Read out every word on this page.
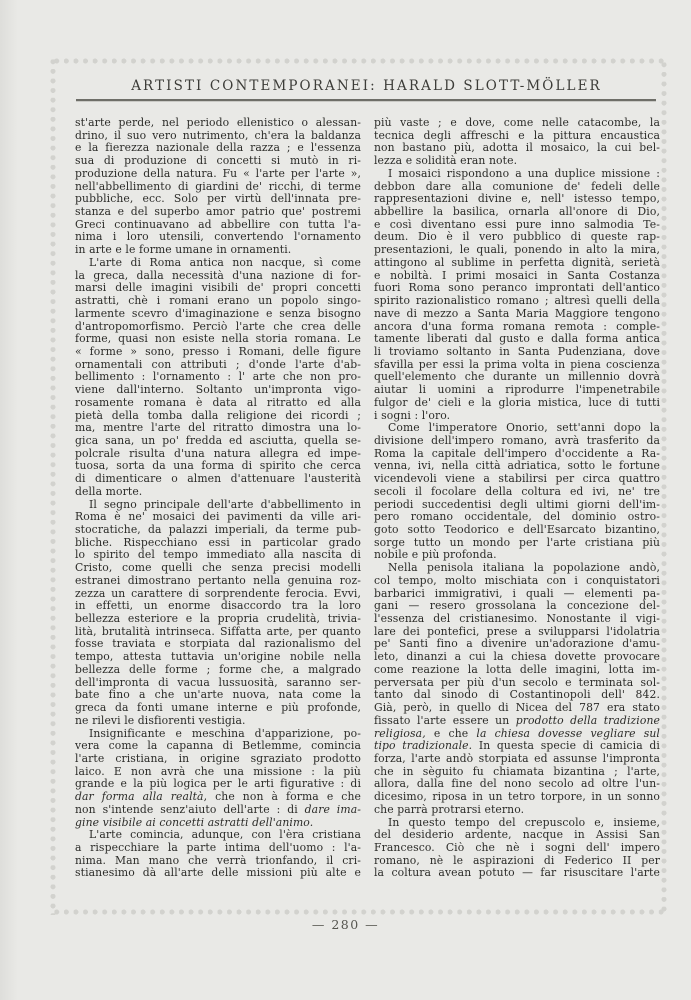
ARTISTI CONTEMPORANEI: HARALD SLOTT-MÖLLER
st'arte perde, nel periodo ellenistico o alessan-
drino, il suo vero nutrimento, ch'era la baldanza
e la fierezza nazionale della razza ; e l'essenza
sua di produzione di concetti si mutò in ri-
produzione della natura. Fu « l'arte per l'arte »,
nell'abbellimento di giardini de' ricchi, di terme
pubbliche, ecc. Solo per virtù dell'innata pre-
stanza e del superbo amor patrio que' postremi
Greci continuavano ad abbellire con tutta l'a-
nima i loro utensili, convertendo l'ornamento
in arte e le forme umane in ornamenti.
L'arte di Roma antica non nacque, sì come
la greca, dalla necessità d'una nazione di for-
marsi delle imagini visibili de' propri concetti
astratti, chè i romani erano un popolo singo-
larmente scevro d'imaginazione e senza bisogno
d'antropomorfismo. Perciò l'arte che crea delle
forme, quasi non esiste nella storia romana. Le
« forme » sono, presso i Romani, delle figure
ornamentali con attributi ; d'onde l'arte d'ab-
bellimento : l'ornamento : l' arte che non pro-
viene dall'interno. Soltanto un'impronta vigo-
rosamente romana è data al ritratto ed alla
pietà della tomba dalla religione dei ricordi ;
ma, mentre l'arte del ritratto dimostra una lo-
gica sana, un po' fredda ed asciutta, quella se-
polcrale risulta d'una natura allegra ed impe-
tuosa, sorta da una forma di spirito che cerca
di dimenticare o almen d'attenuare l'austerità
della morte.
Il segno principale dell'arte d'abbellimento in
Roma è ne' mosaici dei pavimenti da ville ari-
stocratiche, da palazzi imperiali, da terme pub-
bliche. Rispecchiano essi in particolar grado
lo spirito del tempo immediato alla nascita di
Cristo, come quelli che senza precisi modelli
estranei dimostrano pertanto nella genuina roz-
zezza un carattere di sorprendente ferocia. Èvvi,
in effetti, un enorme disaccordo tra la loro
bellezza esteriore e la propria crudelità, trivia-
lità, brutalità intrinseca. Siffatta arte, per quanto
fosse traviata e storpiata dal razionalismo del
tempo, attesta tuttavia un'origine nobile nella
bellezza delle forme ; forme che, a malgrado
dell'impronta di vacua lussuosità, saranno ser-
bate fino a che un'arte nuova, nata come la
greca da fonti umane interne e più profonde,
ne rilevi le disfiorenti vestigia.
Insignificante e meschina d'apparizione, po-
vera come la capanna di Betlemme, comincia
l'arte cristiana, in origine sgraziato prodotto
laico. E non avrà che una missione : la più
grande e la più logica per le arti figurative : di
dar forma alla realtà, che non à forma e che
non s'intende senz'aiuto dell'arte : di dare ima-
gine visibile ai concetti astratti dell'animo.
L'arte comincia, adunque, con l'èra cristiana
a rispecchiare la parte intima dell'uomo : l'a-
nima. Man mano che verrà trionfando, il cri-
stianesimo dà all'arte delle missioni più alte e
più vaste ; e dove, come nelle catacombe, la
tecnica degli affreschi e la pittura encaustica
non bastano più, adotta il mosaico, la cui bel-
lezza e solidità eran note.
I mosaici rispondono a una duplice missione :
debbon dare alla comunione de' fedeli delle
rappresentazioni divine e, nell' istesso tempo,
abbellire la basilica, ornarla all'onore di Dio,
e così diventano essi pure inno salmodia Te-
deum. Dio è il vero pubblico di queste rap-
presentazioni, le quali, ponendo in alto la mira,
attingono al sublime in perfetta dignità, serietà
e nobiltà. I primi mosaici in Santa Costanza
fuori Roma sono peranco improntati dell'antico
spirito razionalistico romano ; altresì quelli della
nave di mezzo a Santa Maria Maggiore tengono
ancora d'una forma romana remota : comple-
tamente liberati dal gusto e dalla forma antica
li troviamo soltanto in Santa Pudenziana, dove
sfavilla per essi la prima volta in piena coscienza
quell'elemento che durante un millennio dovrà
aiutar li uomini a riprodurre l'impenetrabile
fulgor de' cieli e la gloria mistica, luce di tutti
i sogni : l'oro.
Come l'imperatore Onorio, sett'anni dopo la
divisione dell'impero romano, avrà trasferito da
Roma la capitale dell'impero d'occidente a Ra-
venna, ivi, nella città adriatica, sotto le fortune
vicendevoli viene a stabilirsi per circa quattro
secoli il focolare della coltura ed ivi, ne' tre
periodi succedentisi degli ultimi giorni dell'im-
pero romano occidentale, del dominio ostro-
goto sotto Teodorico e dell'Esarcato bizantino,
sorge tutto un mondo per l'arte cristiana più
nobile e più profonda.
Nella penisola italiana la popolazione andò,
col tempo, molto mischiata con i conquistatori
barbarici immigrativi, i quali — elementi pa-
gani — resero grossolana la concezione del-
l'essenza del cristianesimo. Nonostante il vigi-
lare dei pontefici, prese a svilupparsi l'idolatria
pe' Santi fino a divenire un'adorazione d'amu-
leto, dinanzi a cui la chiesa dovette provocare
come reazione la lotta delle imagini, lotta im-
perversata per più d'un secolo e terminata sol-
tanto dal sinodo di Costantinopoli dell' 842.
Già, però, in quello di Nicea del 787 era stato
fissato l'arte essere un prodotto della tradizione
religiosa, e che la chiesa dovesse vegliare sul
tipo tradizionale. In questa specie di camicia di
forza, l'arte andò storpiata ed assunse l'impronta
che in sèguito fu chiamata bizantina ; l'arte,
allora, dalla fine del nono secolo ad oltre l'un-
dicesimo, riposa in un tetro torpore, in un sonno
che parrà protrarsi eterno.
In questo tempo del crepuscolo e, insieme,
del desiderio ardente, nacque in Assisi San
Francesco. Ciò che nè i sogni dell' impero
romano, nè le aspirazioni di Federico II per
la coltura avean potuto — far risuscitare l'arte
— 280 —
